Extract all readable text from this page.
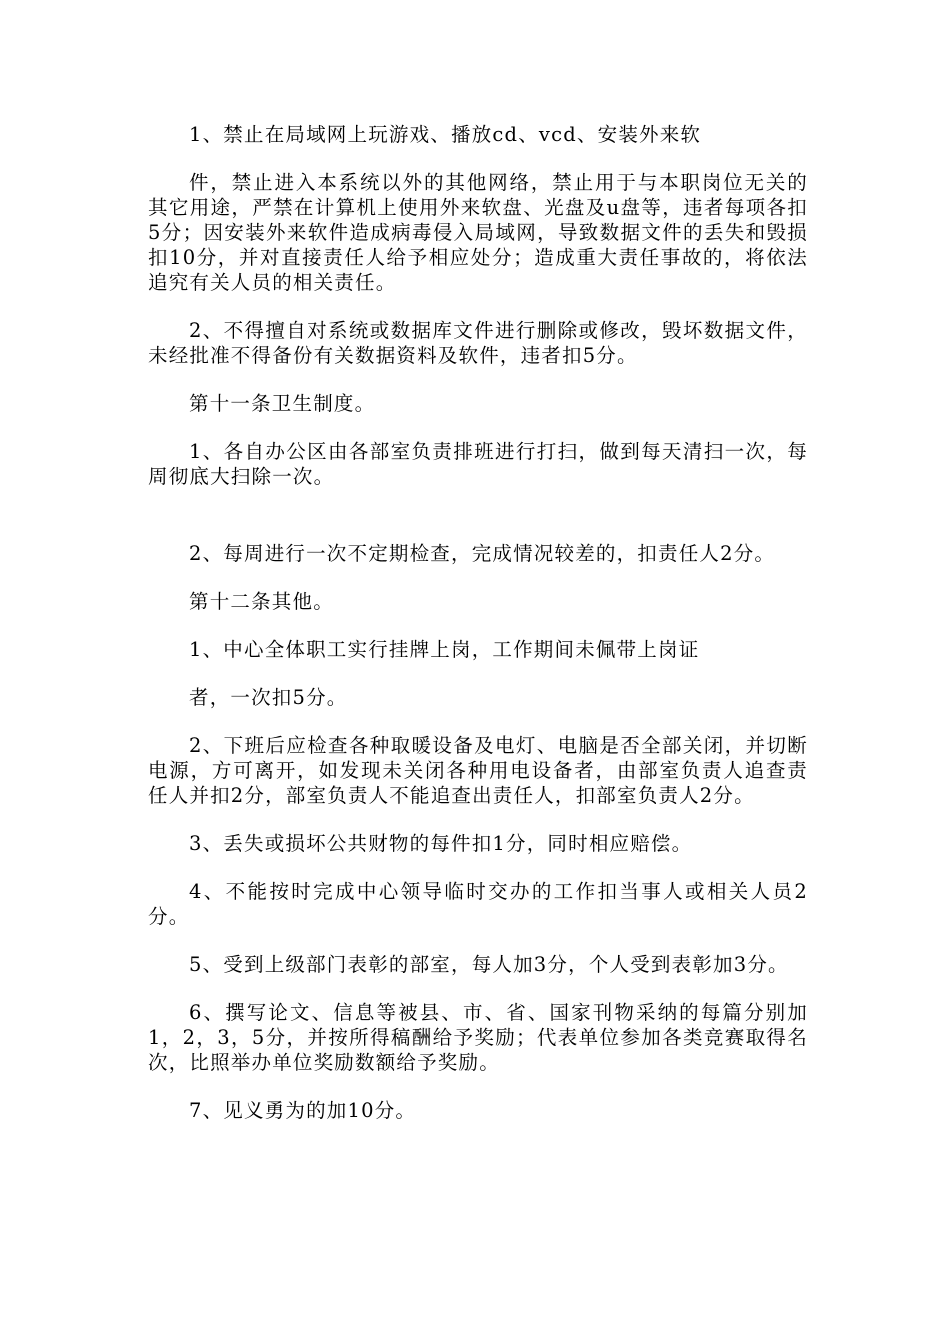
1、禁止在局域网上玩游戏、播放cd、vcd、安装外来软

件，禁止进入本系统以外的其他网络，禁止用于与本职岗位无关的其它用途，严禁在计算机上使用外来软盘、光盘及u盘等，违者每项各扣5分；因安装外来软件造成病毒侵入局域网，导致数据文件的丢失和毁损扣10分，并对直接责任人给予相应处分；造成重大责任事故的，将依法追究有关人员的相关责任。

2、不得擅自对系统或数据库文件进行删除或修改，毁坏数据文件，未经批准不得备份有关数据资料及软件，违者扣5分。

第十一条卫生制度。

1、各自办公区由各部室负责排班进行打扫，做到每天清扫一次，每周彻底大扫除一次。

2、每周进行一次不定期检查，完成情况较差的，扣责任人2分。

第十二条其他。

1、中心全体职工实行挂牌上岗，工作期间未佩带上岗证

者，一次扣5分。

2、下班后应检查各种取暖设备及电灯、电脑是否全部关闭，并切断电源，方可离开，如发现未关闭各种用电设备者，由部室负责人追查责任人并扣2分，部室负责人不能追查出责任人，扣部室负责人2分。

3、丢失或损坏公共财物的每件扣1分，同时相应赔偿。

4、不能按时完成中心领导临时交办的工作扣当事人或相关人员2分。

5、受到上级部门表彰的部室，每人加3分，个人受到表彰加3分。

6、撰写论文、信息等被县、市、省、国家刊物采纳的每篇分别加1，2，3，5分，并按所得稿酬给予奖励；代表单位参加各类竞赛取得名次，比照举办单位奖励数额给予奖励。

7、见义勇为的加10分。
